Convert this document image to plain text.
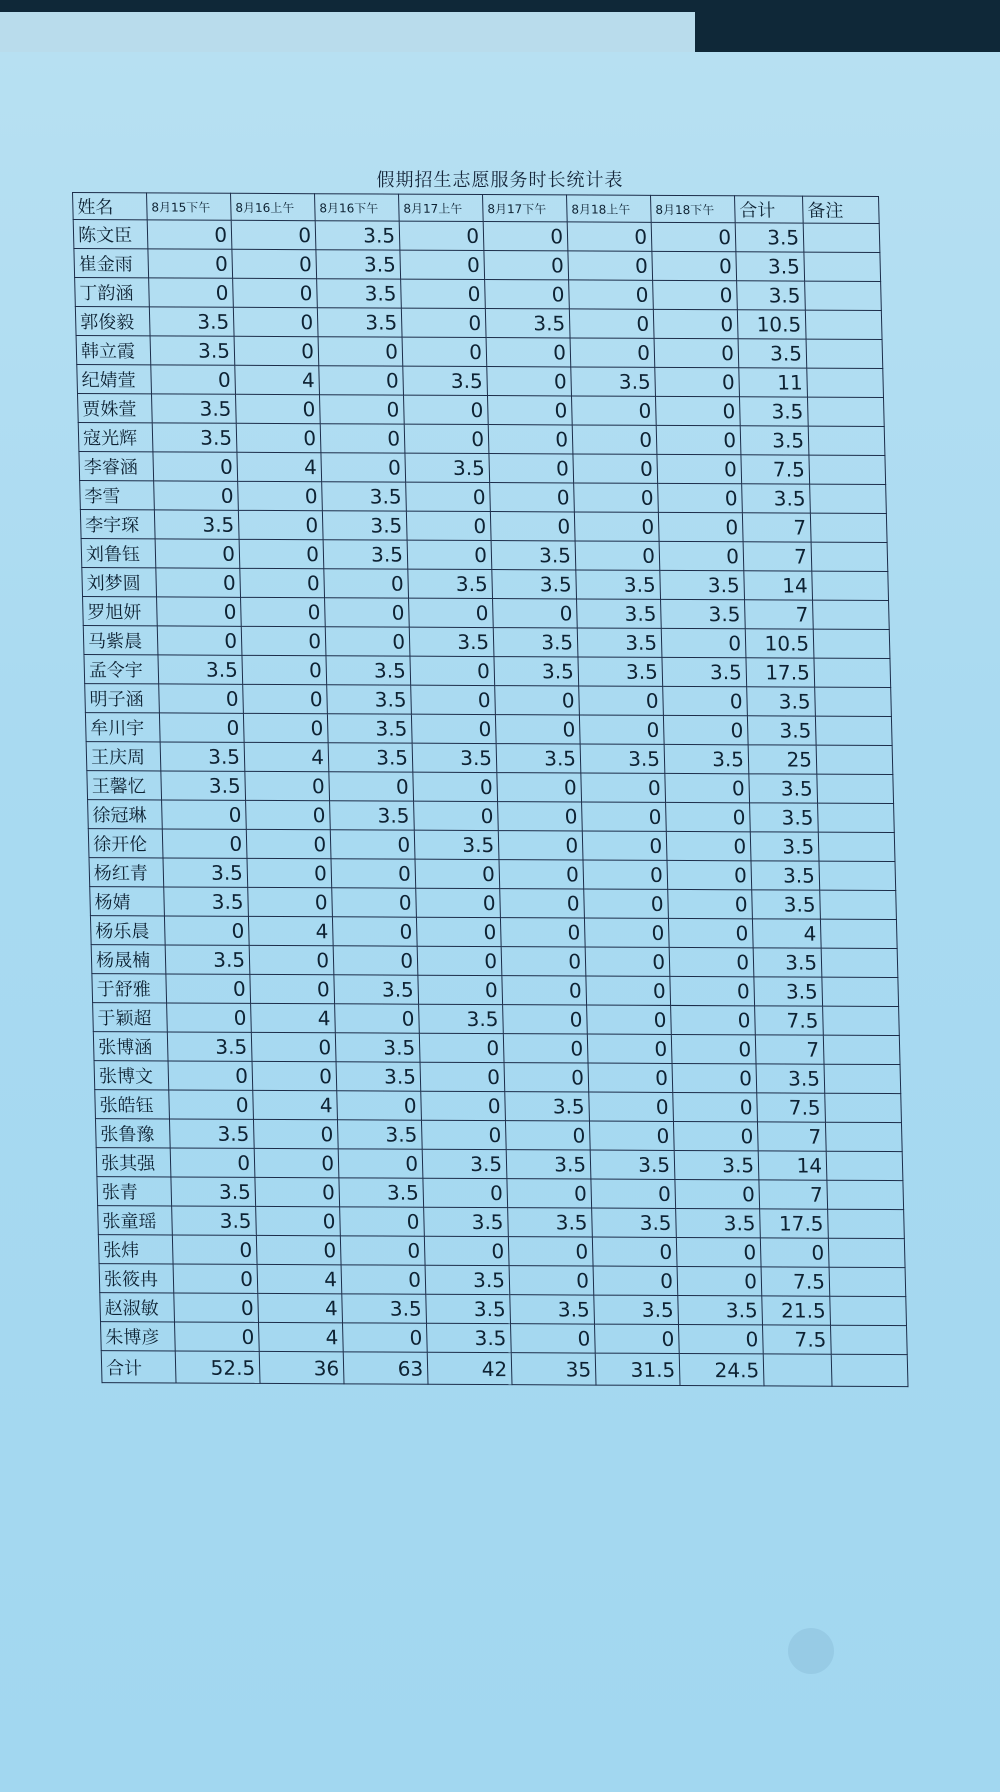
假期招生志愿服务时长统计表
姓名	8月15下午	8月16上午	8月16下午	8月17上午	8月17下午	8月18上午	8月18下午	合计	备注
陈文臣	0	0	3.5	0	0	0	0	3.5	
崔金雨	0	0	3.5	0	0	0	0	3.5	
丁韵涵	0	0	3.5	0	0	0	0	3.5	
郭俊毅	3.5	0	3.5	0	3.5	0	0	10.5	
韩立霞	3.5	0	0	0	0	0	0	3.5	
纪婧萱	0	4	0	3.5	0	3.5	0	11	
贾姝萱	3.5	0	0	0	0	0	0	3.5	
寇光辉	3.5	0	0	0	0	0	0	3.5	
李睿涵	0	4	0	3.5	0	0	0	7.5	
李雪	0	0	3.5	0	0	0	0	3.5	
李宇琛	3.5	0	3.5	0	0	0	0	7	
刘鲁钰	0	0	3.5	0	3.5	0	0	7	
刘梦圆	0	0	0	3.5	3.5	3.5	3.5	14	
罗旭妍	0	0	0	0	0	3.5	3.5	7	
马紫晨	0	0	0	3.5	3.5	3.5	0	10.5	
孟令宇	3.5	0	3.5	0	3.5	3.5	3.5	17.5	
明子涵	0	0	3.5	0	0	0	0	3.5	
牟川宇	0	0	3.5	0	0	0	0	3.5	
王庆周	3.5	4	3.5	3.5	3.5	3.5	3.5	25	
王馨忆	3.5	0	0	0	0	0	0	3.5	
徐冠琳	0	0	3.5	0	0	0	0	3.5	
徐开伦	0	0	0	3.5	0	0	0	3.5	
杨红青	3.5	0	0	0	0	0	0	3.5	
杨婧	3.5	0	0	0	0	0	0	3.5	
杨乐晨	0	4	0	0	0	0	0	4	
杨晟楠	3.5	0	0	0	0	0	0	3.5	
于舒雅	0	0	3.5	0	0	0	0	3.5	
于颖超	0	4	0	3.5	0	0	0	7.5	
张博涵	3.5	0	3.5	0	0	0	0	7	
张博文	0	0	3.5	0	0	0	0	3.5	
张皓钰	0	4	0	0	3.5	0	0	7.5	
张鲁豫	3.5	0	3.5	0	0	0	0	7	
张其强	0	0	0	3.5	3.5	3.5	3.5	14	
张青	3.5	0	3.5	0	0	0	0	7	
张童瑶	3.5	0	0	3.5	3.5	3.5	3.5	17.5	
张炜	0	0	0	0	0	0	0	0	
张筱冉	0	4	0	3.5	0	0	0	7.5	
赵淑敏	0	4	3.5	3.5	3.5	3.5	3.5	21.5	
朱博彦	0	4	0	3.5	0	0	0	7.5	
合计	52.5	36	63	42	35	31.5	24.5		
